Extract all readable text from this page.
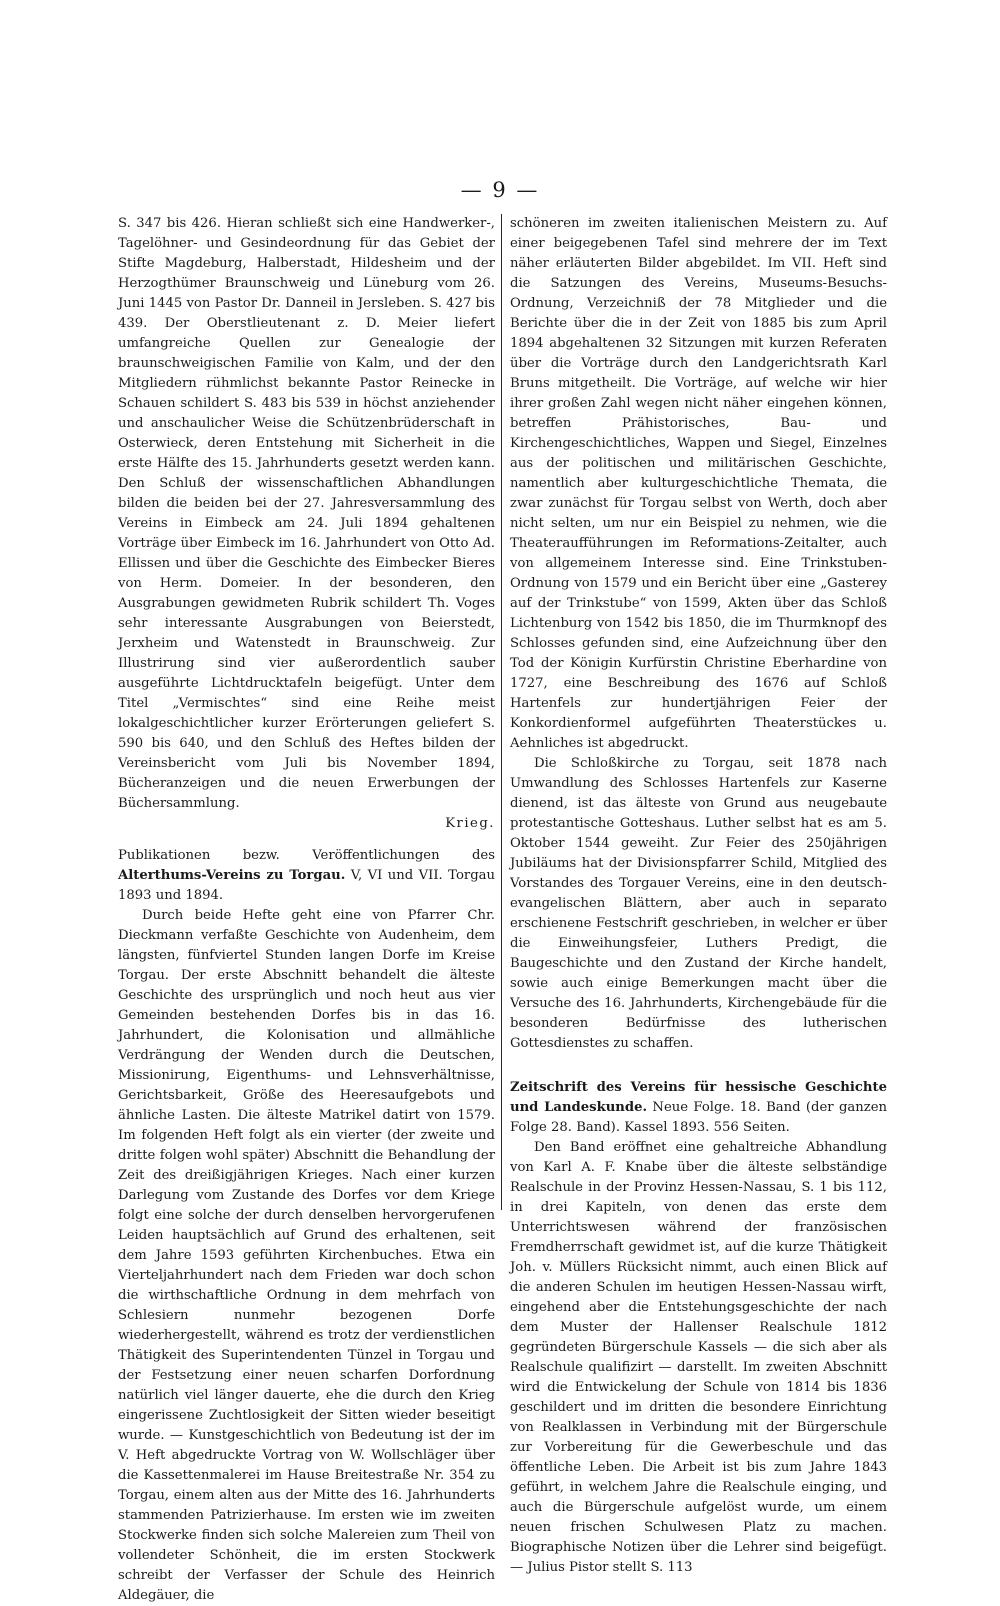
— 9 —

S. 347 bis 426. Hieran schließt sich eine Handwerker-, Tagelöhner- und Gesindeordnung für das Gebiet der Stifte Magdeburg, Halberstadt, Hildesheim und der Herzogthümer Braunschweig und Lüneburg vom 26. Juni 1445 von Pastor Dr. Danneil in Jersleben. S. 427 bis 439. Der Oberstlieutenant z. D. Meier liefert umfangreiche Quellen zur Genealogie der braunschweigischen Familie von Kalm, und der den Mitgliedern rühmlichst bekannte Pastor Reinecke in Schauen schildert S. 483 bis 539 in höchst anziehender und anschaulicher Weise die Schützenbrüderschaft in Osterwieck, deren Entstehung mit Sicherheit in die erste Hälfte des 15. Jahrhunderts gesetzt werden kann. Den Schluß der wissenschaftlichen Abhandlungen bilden die beiden bei der 27. Jahresversammlung des Vereins in Eimbeck am 24. Juli 1894 gehaltenen Vorträge über Eimbeck im 16. Jahrhundert von Otto Ad. Ellissen und über die Geschichte des Eimbecker Bieres von Herm. Domeier. In der besonderen, den Ausgrabungen gewidmeten Rubrik schildert Th. Voges sehr interessante Ausgrabungen von Beierstedt, Jerxheim und Watenstedt in Braunschweig. Zur Illustrirung sind vier außerordentlich sauber ausgeführte Lichtdrucktafeln beigefügt. Unter dem Titel „Vermischtes“ sind eine Reihe meist lokalgeschichtlicher kurzer Erörterungen geliefert S. 590 bis 640, und den Schluß des Heftes bilden der Vereinsbericht vom Juli bis November 1894, Bücheranzeigen und die neuen Erwerbungen der Büchersammlung.

Krieg.

Publikationen bezw. Veröffentlichungen des Alterthums-Vereins zu Torgau. V, VI und VII. Torgau 1893 und 1894.

Durch beide Hefte geht eine von Pfarrer Chr. Dieckmann verfaßte Geschichte von Audenheim, dem längsten, fünfviertel Stunden langen Dorfe im Kreise Torgau. Der erste Abschnitt behandelt die älteste Geschichte des ursprünglich und noch heut aus vier Gemeinden bestehenden Dorfes bis in das 16. Jahrhundert, die Kolonisation und allmähliche Verdrängung der Wenden durch die Deutschen, Missionirung, Eigenthums- und Lehnsverhältnisse, Gerichtsbarkeit, Größe des Heeresaufgebots und ähnliche Lasten. Die älteste Matrikel datirt von 1579. Im folgenden Heft folgt als ein vierter (der zweite und dritte folgen wohl später) Abschnitt die Behandlung der Zeit des dreißigjährigen Krieges. Nach einer kurzen Darlegung vom Zustande des Dorfes vor dem Kriege folgt eine solche der durch denselben hervorgerufenen Leiden hauptsächlich auf Grund des erhaltenen, seit dem Jahre 1593 geführten Kirchenbuches. Etwa ein Vierteljahrhundert nach dem Frieden war doch schon die wirthschaftliche Ordnung in dem mehrfach von Schlesiern nunmehr bezogenen Dorfe wiederhergestellt, während es trotz der verdienstlichen Thätigkeit des Superintendenten Tünzel in Torgau und der Festsetzung einer neuen scharfen Dorfordnung natürlich viel länger dauerte, ehe die durch den Krieg eingerissene Zuchtlosigkeit der Sitten wieder beseitigt wurde. — Kunstgeschichtlich von Bedeutung ist der im V. Heft abgedruckte Vortrag von W. Wollschläger über die Kassettenmalerei im Hause Breitestraße Nr. 354 zu Torgau, einem alten aus der Mitte des 16. Jahrhunderts stammenden Patrizierhause. Im ersten wie im zweiten Stockwerke finden sich solche Malereien zum Theil von vollendeter Schönheit, die im ersten Stockwerk schreibt der Verfasser der Schule des Heinrich Aldegäuer, die

schöneren im zweiten italienischen Meistern zu. Auf einer beigegebenen Tafel sind mehrere der im Text näher erläuterten Bilder abgebildet. Im VII. Heft sind die Satzungen des Vereins, Museums-Besuchs-Ordnung, Verzeichniß der 78 Mitglieder und die Berichte über die in der Zeit von 1885 bis zum April 1894 abgehaltenen 32 Sitzungen mit kurzen Referaten über die Vorträge durch den Landgerichtsrath Karl Bruns mitgetheilt. Die Vorträge, auf welche wir hier ihrer großen Zahl wegen nicht näher eingehen können, betreffen Prähistorisches, Bau- und Kirchengeschichtliches, Wappen und Siegel, Einzelnes aus der politischen und militärischen Geschichte, namentlich aber kulturgeschichtliche Themata, die zwar zunächst für Torgau selbst von Werth, doch aber nicht selten, um nur ein Beispiel zu nehmen, wie die Theateraufführungen im Reformations-Zeitalter, auch von allgemeinem Interesse sind. Eine Trinkstuben-Ordnung von 1579 und ein Bericht über eine „Gasterey auf der Trinkstube“ von 1599, Akten über das Schloß Lichtenburg von 1542 bis 1850, die im Thurmknopf des Schlosses gefunden sind, eine Aufzeichnung über den Tod der Königin Kurfürstin Christine Eberhardine von 1727, eine Beschreibung des 1676 auf Schloß Hartenfels zur hundertjährigen Feier der Konkordienformel aufgeführten Theaterstückes u. Aehnliches ist abgedruckt.

Die Schloßkirche zu Torgau, seit 1878 nach Umwandlung des Schlosses Hartenfels zur Kaserne dienend, ist das älteste von Grund aus neugebaute protestantische Gotteshaus. Luther selbst hat es am 5. Oktober 1544 geweiht. Zur Feier des 250jährigen Jubiläums hat der Divisionspfarrer Schild, Mitglied des Vorstandes des Torgauer Vereins, eine in den deutsch-evangelischen Blättern, aber auch in separato erschienene Festschrift geschrieben, in welcher er über die Einweihungsfeier, Luthers Predigt, die Baugeschichte und den Zustand der Kirche handelt, sowie auch einige Bemerkungen macht über die Versuche des 16. Jahrhunderts, Kirchengebäude für die besonderen Bedürfnisse des lutherischen Gottesdienstes zu schaffen.

Zeitschrift des Vereins für hessische Geschichte und Landeskunde. Neue Folge. 18. Band (der ganzen Folge 28. Band). Kassel 1893. 556 Seiten.

Den Band eröffnet eine gehaltreiche Abhandlung von Karl A. F. Knabe über die älteste selbständige Realschule in der Provinz Hessen-Nassau, S. 1 bis 112, in drei Kapiteln, von denen das erste dem Unterrichtswesen während der französischen Fremdherrschaft gewidmet ist, auf die kurze Thätigkeit Joh. v. Müllers Rücksicht nimmt, auch einen Blick auf die anderen Schulen im heutigen Hessen-Nassau wirft, eingehend aber die Entstehungsgeschichte der nach dem Muster der Hallenser Realschule 1812 gegründeten Bürgerschule Kassels — die sich aber als Realschule qualifizirt — darstellt. Im zweiten Abschnitt wird die Entwickelung der Schule von 1814 bis 1836 geschildert und im dritten die besondere Einrichtung von Realklassen in Verbindung mit der Bürgerschule zur Vorbereitung für die Gewerbeschule und das öffentliche Leben. Die Arbeit ist bis zum Jahre 1843 geführt, in welchem Jahre die Realschule einging, und auch die Bürgerschule aufgelöst wurde, um einem neuen frischen Schulwesen Platz zu machen. Biographische Notizen über die Lehrer sind beigefügt. — Julius Pistor stellt S. 113
